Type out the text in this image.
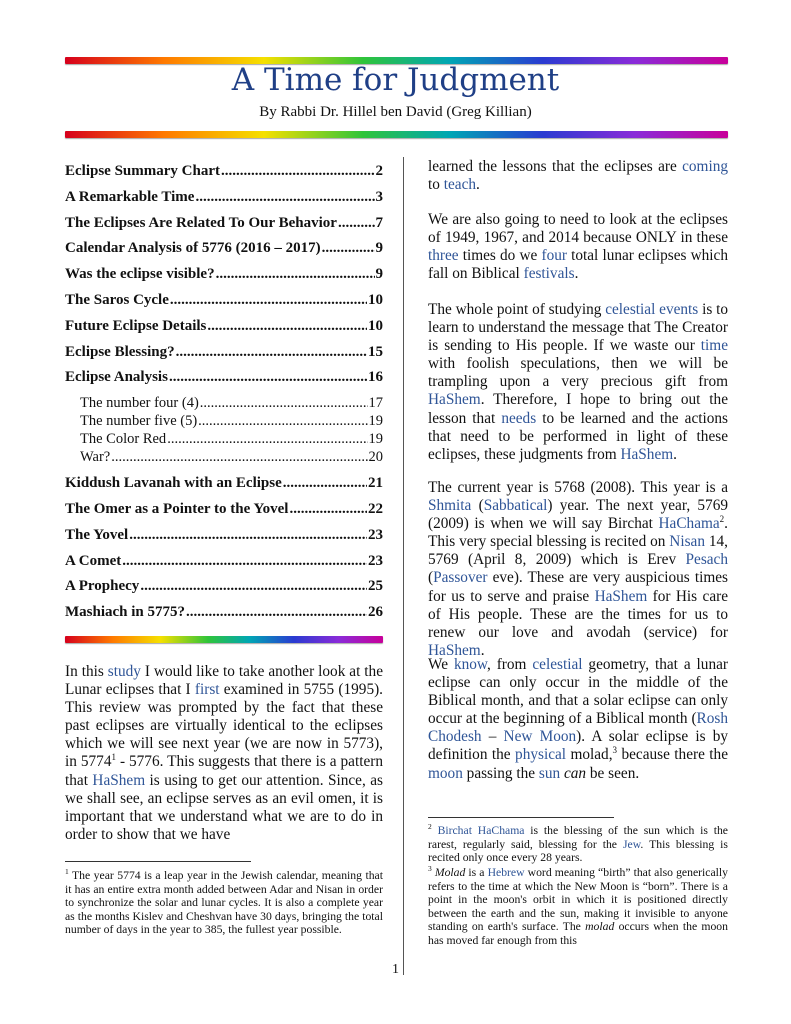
A Time for Judgment
By Rabbi Dr. Hillel ben David (Greg Killian)
Eclipse Summary Chart .....	2
A Remarkable Time .....	3
The Eclipses Are Related To Our Behavior .....	7
Calendar Analysis of 5776 (2016 – 2017) .....	9
Was the eclipse visible? .....	9
The Saros Cycle .....	10
Future Eclipse Details .....	10
Eclipse Blessing? .....	15
Eclipse Analysis .....	16
The number four (4) .....	17
The number five (5) .....	19
The Color Red .....	19
War? .....	20
Kiddush Lavanah with an Eclipse .....	21
The Omer as a Pointer to the Yovel .....	22
The Yovel .....	23
A Comet .....	23
A Prophecy .....	25
Mashiach in 5775? .....	26

In this study I would like to take another look at the Lunar eclipses that I first examined in 5755 (1995). This review was prompted by the fact that these past eclipses are virtually identical to the eclipses which we will see next year (we are now in 5773), in 5774$^1$ - 5776. This suggests that there is a pattern that HaShem is using to get our attention. Since, as we shall see, an eclipse serves as an evil omen, it is important that we understand what we are to do in order to show that we have

$^1$ The year 5774 is a leap year in the Jewish calendar, meaning that it has an entire extra month added between Adar and Nisan in order to synchronize the solar and lunar cycles. It is also a complete year as the months Kislev and Cheshvan have 30 days, bringing the total number of days in the year to 385, the fullest year possible.

learned the lessons that the eclipses are coming to teach.

We are also going to need to look at the eclipses of 1949, 1967, and 2014 because ONLY in these three times do we four total lunar eclipses which fall on Biblical festivals.

The whole point of studying celestial events is to learn to understand the message that The Creator is sending to His people. If we waste our time with foolish speculations, then we will be trampling upon a very precious gift from HaShem. Therefore, I hope to bring out the lesson that needs to be learned and the actions that need to be performed in light of these eclipses, these judgments from HaShem.

The current year is 5768 (2008). This year is a Shmita (Sabbatical) year. The next year, 5769 (2009) is when we will say Birchat HaChama$^2$. This very special blessing is recited on Nisan 14, 5769 (April 8, 2009) which is Erev Pesach (Passover eve). These are very auspicious times for us to serve and praise HaShem for His care of His people. These are the times for us to renew our love and avodah (service) for HaShem.

We know, from celestial geometry, that a lunar eclipse can only occur in the middle of the Biblical month, and that a solar eclipse can only occur at the beginning of a Biblical month (Rosh Chodesh – New Moon). A solar eclipse is by definition the physical molad,$^3$ because there the moon passing the sun can be seen.

$^2$ Birchat HaChama is the blessing of the sun which is the rarest, regularly said, blessing for the Jew. This blessing is recited only once every 28 years.

$^3$ Molad is a Hebrew word meaning “birth” that also generically refers to the time at which the New Moon is “born”. There is a point in the moon's orbit in which it is positioned directly between the earth and the sun, making it invisible to anyone standing on earth's surface. The molad occurs when the moon has moved far enough from this

1
